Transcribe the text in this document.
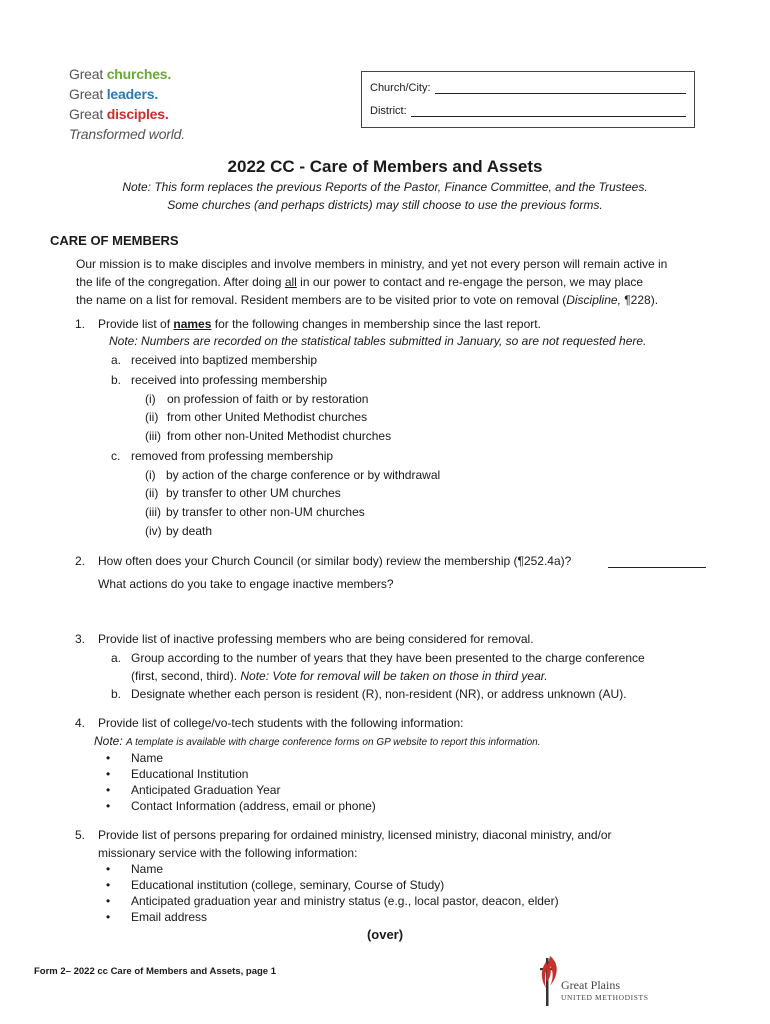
Great churches.
Great leaders.
Great disciples.
Transformed world.
Church/City:
District:
2022 CC - Care of Members and Assets
Note: This form replaces the previous Reports of the Pastor, Finance Committee, and the Trustees.
Some churches (and perhaps districts) may still choose to use the previous forms.
CARE OF MEMBERS
Our mission is to make disciples and involve members in ministry, and yet not every person will remain active in
the life of the congregation. After doing all in our power to contact and re-engage the person, we may place
the name on a list for removal. Resident members are to be visited prior to vote on removal (Discipline, ¶228).
1. Provide list of names for the following changes in membership since the last report.
Note: Numbers are recorded on the statistical tables submitted in January, so are not requested here.
a. received into baptized membership
b. received into professing membership
(i) on profession of faith or by restoration
(ii) from other United Methodist churches
(iii) from other non-United Methodist churches
c. removed from professing membership
(i) by action of the charge conference or by withdrawal
(ii) by transfer to other UM churches
(iii) by transfer to other non-UM churches
(iv) by death
2. How often does your Church Council (or similar body) review the membership (¶252.4a)?
What actions do you take to engage inactive members?
3. Provide list of inactive professing members who are being considered for removal.
a. Group according to the number of years that they have been presented to the charge conference
(first, second, third). Note: Vote for removal will be taken on those in third year.
b. Designate whether each person is resident (R), non-resident (NR), or address unknown (AU).
4. Provide list of college/vo-tech students with the following information:
Note: A template is available with charge conference forms on GP website to report this information.
• Name
• Educational Institution
• Anticipated Graduation Year
• Contact Information (address, email or phone)
5. Provide list of persons preparing for ordained ministry, licensed ministry, diaconal ministry, and/or
missionary service with the following information:
• Name
• Educational institution (college, seminary, Course of Study)
• Anticipated graduation year and ministry status (e.g., local pastor, deacon, elder)
• Email address
(over)
Form 2– 2022 cc Care of Members and Assets, page 1
Great Plains
UNITED METHODISTS
